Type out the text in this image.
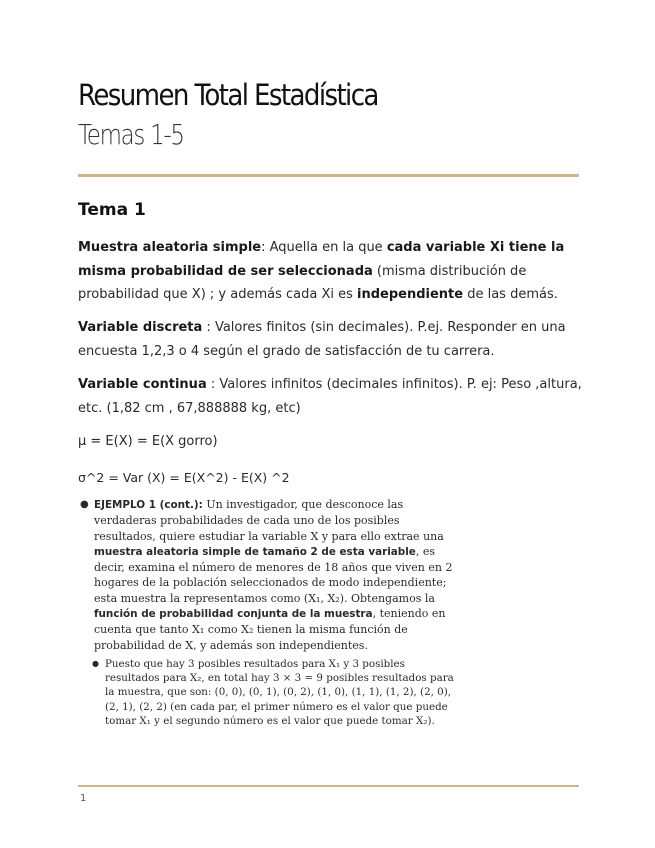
Resumen Total Estadística
Temas 1-5
Tema 1

Muestra aleatoria simple: Aquella en la que cada variable Xi tiene la misma probabilidad de ser seleccionada (misma distribución de probabilidad que X) ; y además cada Xi es independiente de las demás.

Variable discreta : Valores finitos (sin decimales). P.ej. Responder en una encuesta 1,2,3 o 4 según el grado de satisfacción de tu carrera.

Variable continua : Valores infinitos (decimales infinitos). P. ej: Peso ,altura, etc. (1,82 cm , 67,888888 kg, etc)

μ = E(X) = E(X gorro)

σ^2 = Var (X) = E(X^2) - E(X) ^2

● EJEMPLO 1 (cont.): Un investigador, que desconoce las verdaderas probabilidades de cada uno de los posibles resultados, quiere estudiar la variable X y para ello extrae una muestra aleatoria simple de tamaño 2 de esta variable, es decir, examina el número de menores de 18 años que viven en 2 hogares de la población seleccionados de modo independiente; esta muestra la representamos como (X₁, X₂). Obtengamos la función de probabilidad conjunta de la muestra, teniendo en cuenta que tanto X₁ como X₂ tienen la misma función de probabilidad de X, y además son independientes.
● Puesto que hay 3 posibles resultados para X₁ y 3 posibles resultados para X₂, en total hay 3 × 3 = 9 posibles resultados para la muestra, que son: (0, 0), (0, 1), (0, 2), (1, 0), (1, 1), (1, 2), (2, 0), (2, 1), (2, 2) (en cada par, el primer número es el valor que puede tomar X₁ y el segundo número es el valor que puede tomar X₂).
1
